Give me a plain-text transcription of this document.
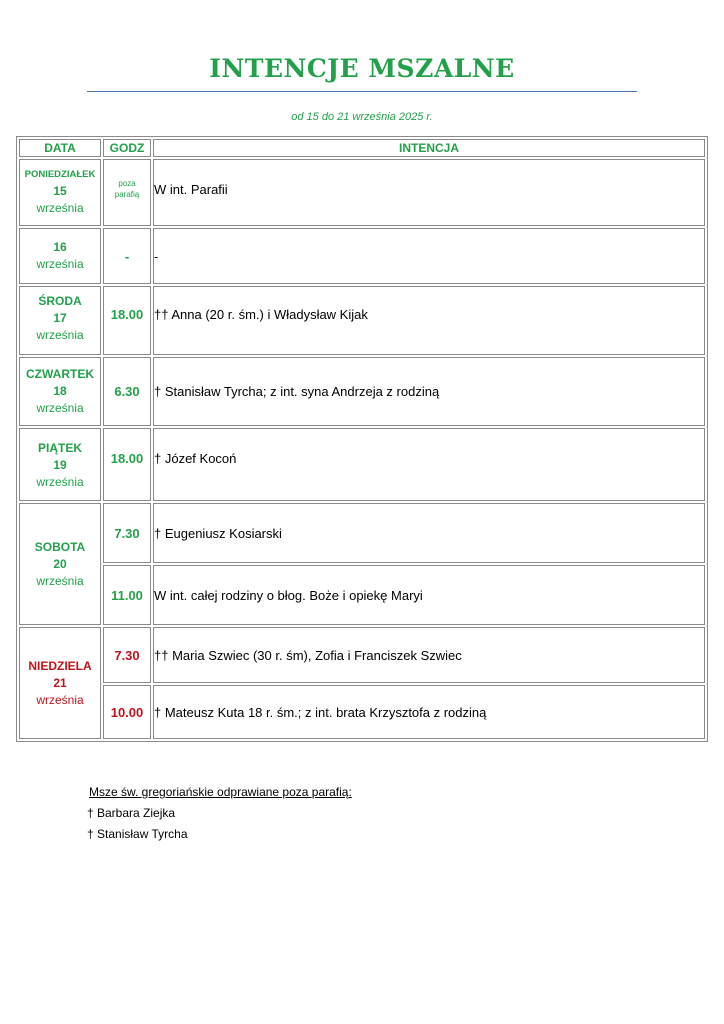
INTENCJE MSZALNE
od 15 do 21 września 2025 r.
DATA	GODZ	INTENCJA

PONIEDZIAŁEK
15
września	poza parafią	W int. Parafii

16
września	-	-

ŚRODA
17
września	18.00	†† Anna (20 r. śm.) i Władysław Kijak

CZWARTEK
18
września	6.30	† Stanisław Tyrcha; z int. syna Andrzeja z rodziną

PIĄTEK
19
września	18.00	† Józef Kocoń

SOBOTA
20
września	7.30	† Eugeniusz Kosiarski
	11.00	W int. całej rodziny o błog. Boże i opiekę Maryi

NIEDZIELA
21
września	7.30	†† Maria Szwiec (30 r. śm), Zofia i Franciszek Szwiec
	10.00	† Mateusz Kuta 18 r. śm.; z int. brata Krzysztofa z rodziną
Msze św. gregoriańskie odprawiane poza parafią:
† Barbara Ziejka
† Stanisław Tyrcha
